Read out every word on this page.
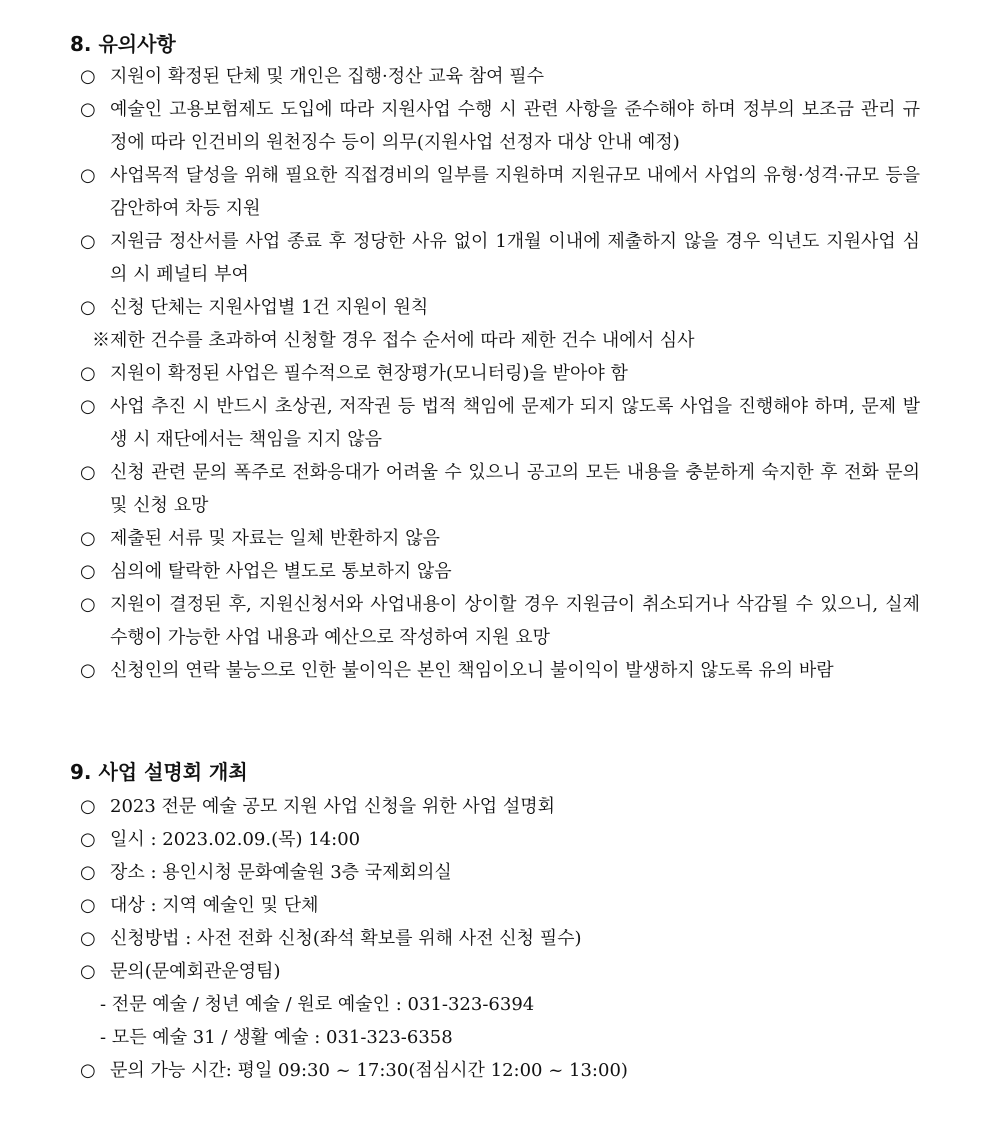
8. 유의사항
○ 지원이 확정된 단체 및 개인은 집행·정산 교육 참여 필수
○ 예술인 고용보험제도 도입에 따라 지원사업 수행 시 관련 사항을 준수해야 하며 정부의 보조금 관리 규정에 따라 인건비의 원천징수 등이 의무(지원사업 선정자 대상 안내 예정)
○ 사업목적 달성을 위해 필요한 직접경비의 일부를 지원하며 지원규모 내에서 사업의 유형·성격·규모 등을 감안하여 차등 지원
○ 지원금 정산서를 사업 종료 후 정당한 사유 없이 1개월 이내에 제출하지 않을 경우 익년도 지원사업 심의 시 페널티 부여
○ 신청 단체는 지원사업별 1건 지원이 원칙
※제한 건수를 초과하여 신청할 경우 접수 순서에 따라 제한 건수 내에서 심사
○ 지원이 확정된 사업은 필수적으로 현장평가(모니터링)을 받아야 함
○ 사업 추진 시 반드시 초상권, 저작권 등 법적 책임에 문제가 되지 않도록 사업을 진행해야 하며, 문제 발생 시 재단에서는 책임을 지지 않음
○ 신청 관련 문의 폭주로 전화응대가 어려울 수 있으니 공고의 모든 내용을 충분하게 숙지한 후 전화 문의 및 신청 요망
○ 제출된 서류 및 자료는 일체 반환하지 않음
○ 심의에 탈락한 사업은 별도로 통보하지 않음
○ 지원이 결정된 후, 지원신청서와 사업내용이 상이할 경우 지원금이 취소되거나 삭감될 수 있으니, 실제 수행이 가능한 사업 내용과 예산으로 작성하여 지원 요망
○ 신청인의 연락 불능으로 인한 불이익은 본인 책임이오니 불이익이 발생하지 않도록 유의 바람
9. 사업 설명회 개최
○ 2023 전문 예술 공모 지원 사업 신청을 위한 사업 설명회
○ 일시 : 2023.02.09.(목) 14:00
○ 장소 : 용인시청 문화예술원 3층 국제회의실
○ 대상 : 지역 예술인 및 단체
○ 신청방법 : 사전 전화 신청(좌석 확보를 위해 사전 신청 필수)
○ 문의(문예회관운영팀)
- 전문 예술 / 청년 예술 / 원로 예술인 : 031-323-6394
- 모든 예술 31 / 생활 예술 : 031-323-6358
○ 문의 가능 시간: 평일 09:30 ~ 17:30(점심시간 12:00 ~ 13:00)
